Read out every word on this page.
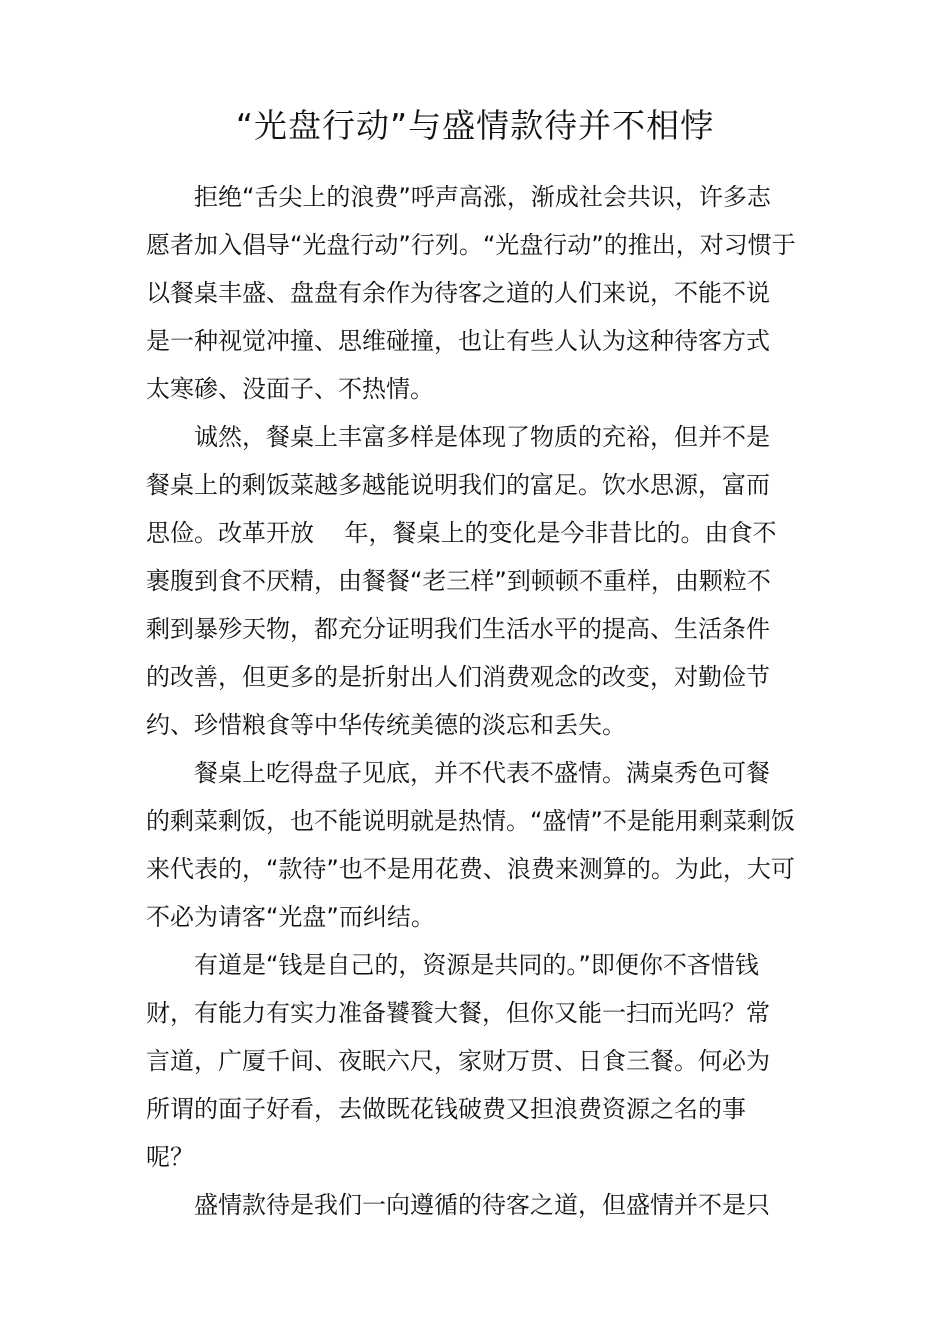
“光盘行动”与盛情款待并不相悖
拒绝“舌尖上的浪费”呼声高涨，渐成社会共识，许多志
愿者加入倡导“光盘行动”行列。“光盘行动”的推出，对习惯于
以餐桌丰盛、盘盘有余作为待客之道的人们来说，不能不说
是一种视觉冲撞、思维碰撞，也让有些人认为这种待客方式
太寒碜、没面子、不热情。
诚然，餐桌上丰富多样是体现了物质的充裕，但并不是
餐桌上的剩饭菜越多越能说明我们的富足。饮水思源，富而
思俭。改革开放    年，餐桌上的变化是今非昔比的。由食不
裹腹到食不厌精，由餐餐“老三样”到顿顿不重样，由颗粒不
剩到暴殄天物，都充分证明我们生活水平的提高、生活条件
的改善，但更多的是折射出人们消费观念的改变，对勤俭节
约、珍惜粮食等中华传统美德的淡忘和丢失。
餐桌上吃得盘子见底，并不代表不盛情。满桌秀色可餐
的剩菜剩饭，也不能说明就是热情。“盛情”不是能用剩菜剩饭
来代表的，“款待”也不是用花费、浪费来测算的。为此，大可
不必为请客“光盘”而纠结。
有道是“钱是自己的，资源是共同的。”即便你不吝惜钱
财，有能力有实力准备饕餮大餐，但你又能一扫而光吗？常
言道，广厦千间、夜眠六尺，家财万贯、日食三餐。何必为
所谓的面子好看，去做既花钱破费又担浪费资源之名的事
呢？
盛情款待是我们一向遵循的待客之道，但盛情并不是只
